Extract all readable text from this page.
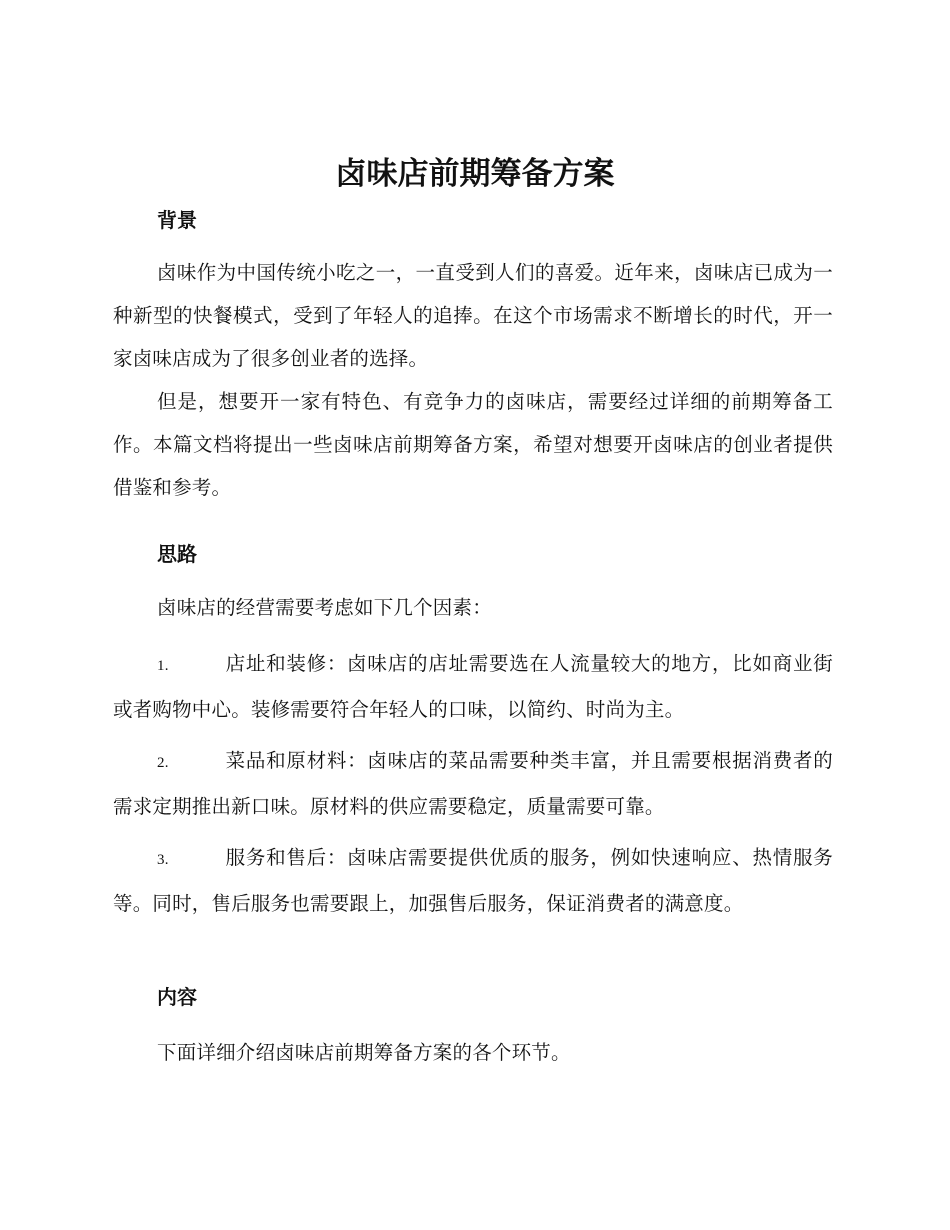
卤味店前期筹备方案
背景

卤味作为中国传统小吃之一，一直受到人们的喜爱。近年来，卤味店已成为一种新型的快餐模式，受到了年轻人的追捧。在这个市场需求不断增长的时代，开一家卤味店成为了很多创业者的选择。

但是，想要开一家有特色、有竞争力的卤味店，需要经过详细的前期筹备工作。本篇文档将提出一些卤味店前期筹备方案，希望对想要开卤味店的创业者提供借鉴和参考。

思路

卤味店的经营需要考虑如下几个因素：

1.	店址和装修：卤味店的店址需要选在人流量较大的地方，比如商业街或者购物中心。装修需要符合年轻人的口味，以简约、时尚为主。

2.	菜品和原材料：卤味店的菜品需要种类丰富，并且需要根据消费者的需求定期推出新口味。原材料的供应需要稳定，质量需要可靠。

3.	服务和售后：卤味店需要提供优质的服务，例如快速响应、热情服务等。同时，售后服务也需要跟上，加强售后服务，保证消费者的满意度。

内容

下面详细介绍卤味店前期筹备方案的各个环节。
